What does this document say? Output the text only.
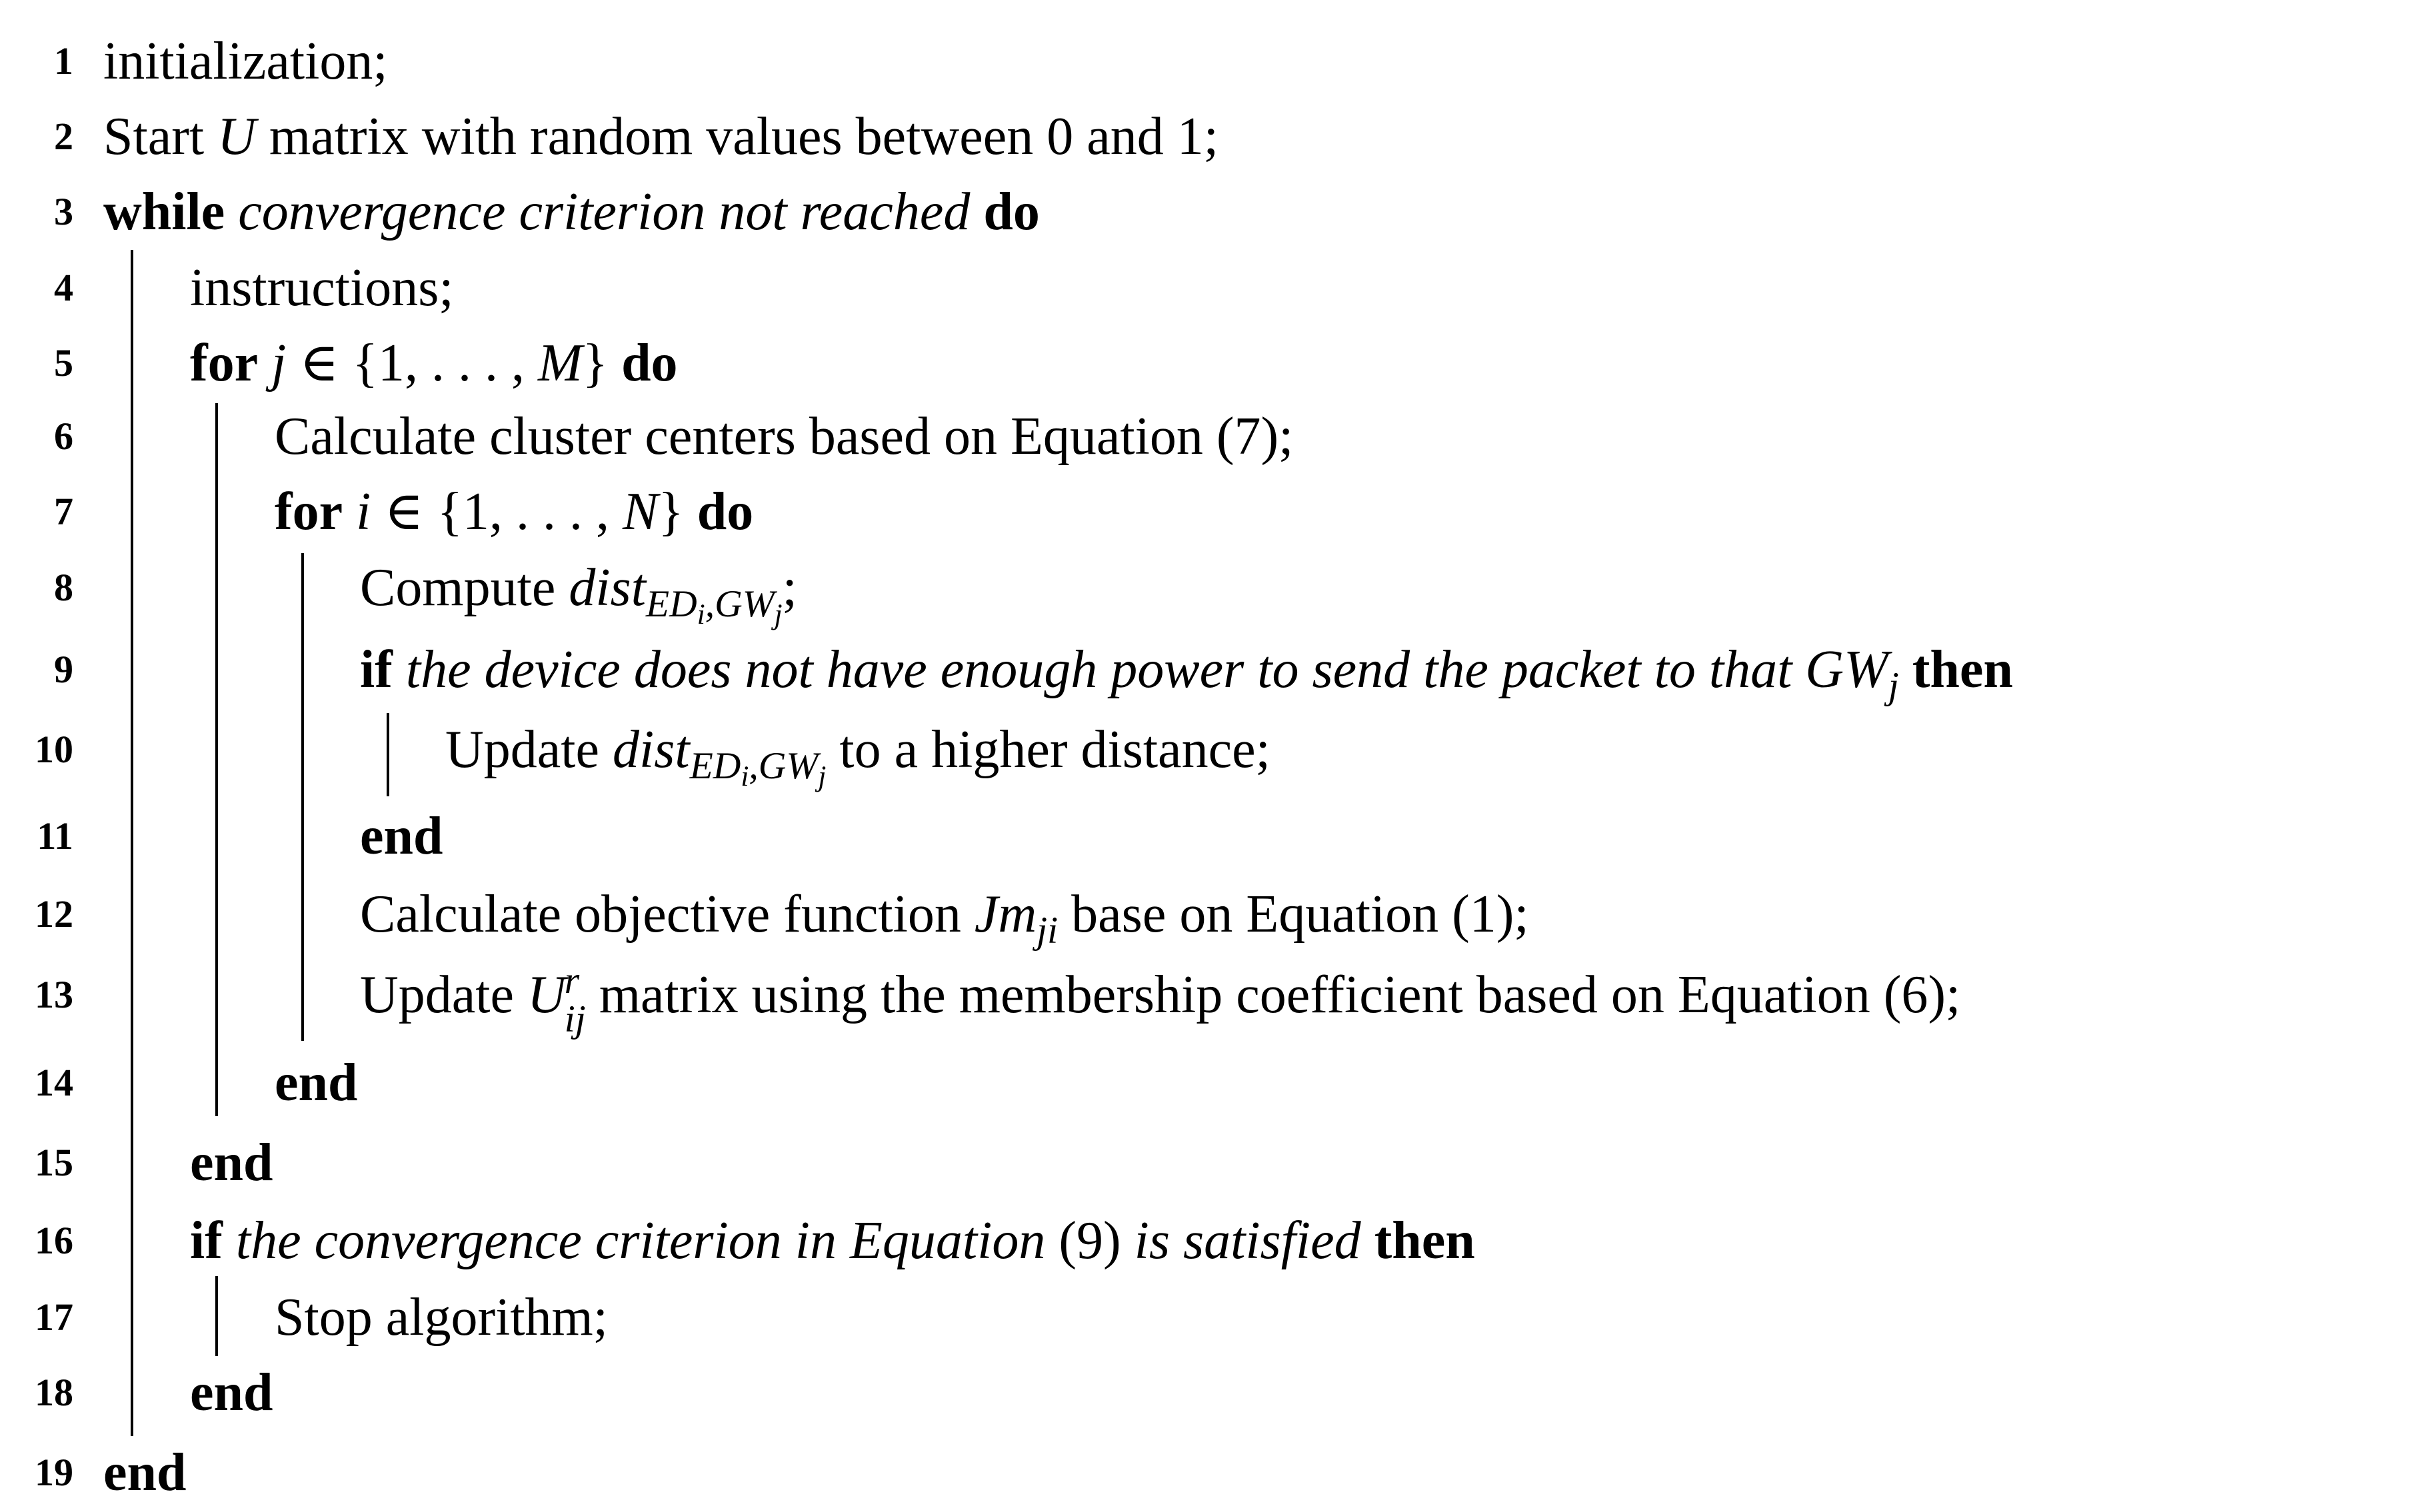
1 initialization;
2 Start U matrix with random values between 0 and 1;
3 while convergence criterion not reached do
4 instructions;
5 for j ∈ {1, . . . , M} do
6	Calculate cluster centers based on Equation (7);
7	for i ∈ {1, . . . , N} do
8	Compute dist$_{EDi,GWj}$;
9	if the device does not have enough power to send the packet to that $GW_j$ then
10	Update dist$_{EDi,GWj}$ to a higher distance;
11	end
12	Calculate objective function $Jm_{ji}$ base on Equation (1);
13	Update U
r
ij matrix using the membership coefficient based on Equation (6);
14	end
15 end
16 if the convergence criterion in Equation (9) is satisfied then
17	Stop algorithm;
18 end
19 end
